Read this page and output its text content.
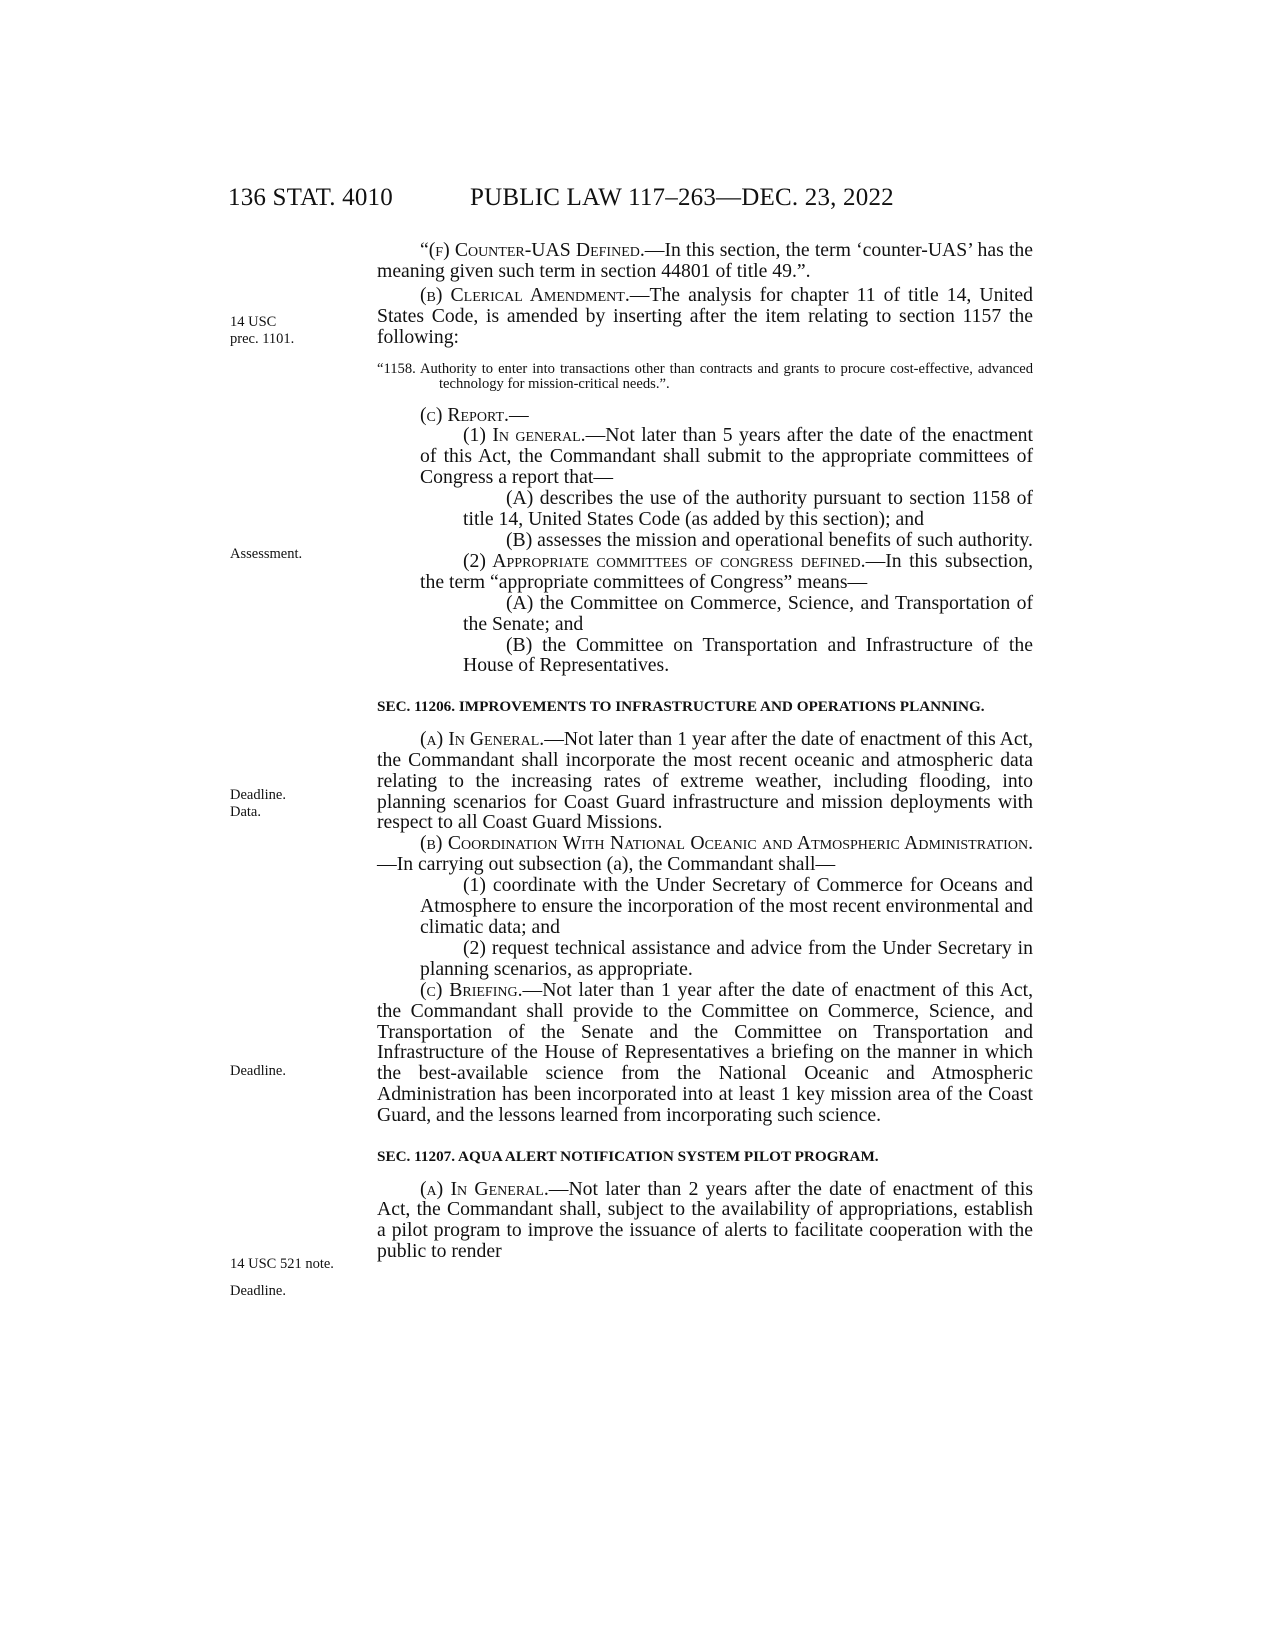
136 STAT. 4010	PUBLIC LAW 117–263—DEC. 23, 2022
14 USC
prec. 1101.
Assessment.
Deadline.
Data.
Deadline.
14 USC 521 note.
Deadline.

“(f) Counter-UAS Defined.—In this section, the term ‘counter-UAS’ has the meaning given such term in section 44801 of title 49.”.

(b) Clerical Amendment.—The analysis for chapter 11 of title 14, United States Code, is amended by inserting after the item relating to section 1157 the following:

“1158. Authority to enter into transactions other than contracts and grants to procure cost-effective, advanced technology for mission-critical needs.”.

(c) Report.—

(1) In general.—Not later than 5 years after the date of the enactment of this Act, the Commandant shall submit to the appropriate committees of Congress a report that—

(A) describes the use of the authority pursuant to section 1158 of title 14, United States Code (as added by this section); and

(B) assesses the mission and operational benefits of such authority.

(2) Appropriate committees of congress defined.—In this subsection, the term “appropriate committees of Congress” means—

(A) the Committee on Commerce, Science, and Transportation of the Senate; and

(B) the Committee on Transportation and Infrastructure of the House of Representatives.

SEC. 11206. IMPROVEMENTS TO INFRASTRUCTURE AND OPERATIONS PLANNING.

(a) In General.—Not later than 1 year after the date of enactment of this Act, the Commandant shall incorporate the most recent oceanic and atmospheric data relating to the increasing rates of extreme weather, including flooding, into planning scenarios for Coast Guard infrastructure and mission deployments with respect to all Coast Guard Missions.

(b) Coordination With National Oceanic and Atmospheric Administration.—In carrying out subsection (a), the Commandant shall—

(1) coordinate with the Under Secretary of Commerce for Oceans and Atmosphere to ensure the incorporation of the most recent environmental and climatic data; and

(2) request technical assistance and advice from the Under Secretary in planning scenarios, as appropriate.

(c) Briefing.—Not later than 1 year after the date of enactment of this Act, the Commandant shall provide to the Committee on Commerce, Science, and Transportation of the Senate and the Committee on Transportation and Infrastructure of the House of Representatives a briefing on the manner in which the best-available science from the National Oceanic and Atmospheric Administration has been incorporated into at least 1 key mission area of the Coast Guard, and the lessons learned from incorporating such science.

SEC. 11207. AQUA ALERT NOTIFICATION SYSTEM PILOT PROGRAM.

(a) In General.—Not later than 2 years after the date of enactment of this Act, the Commandant shall, subject to the availability of appropriations, establish a pilot program to improve the issuance of alerts to facilitate cooperation with the public to render
